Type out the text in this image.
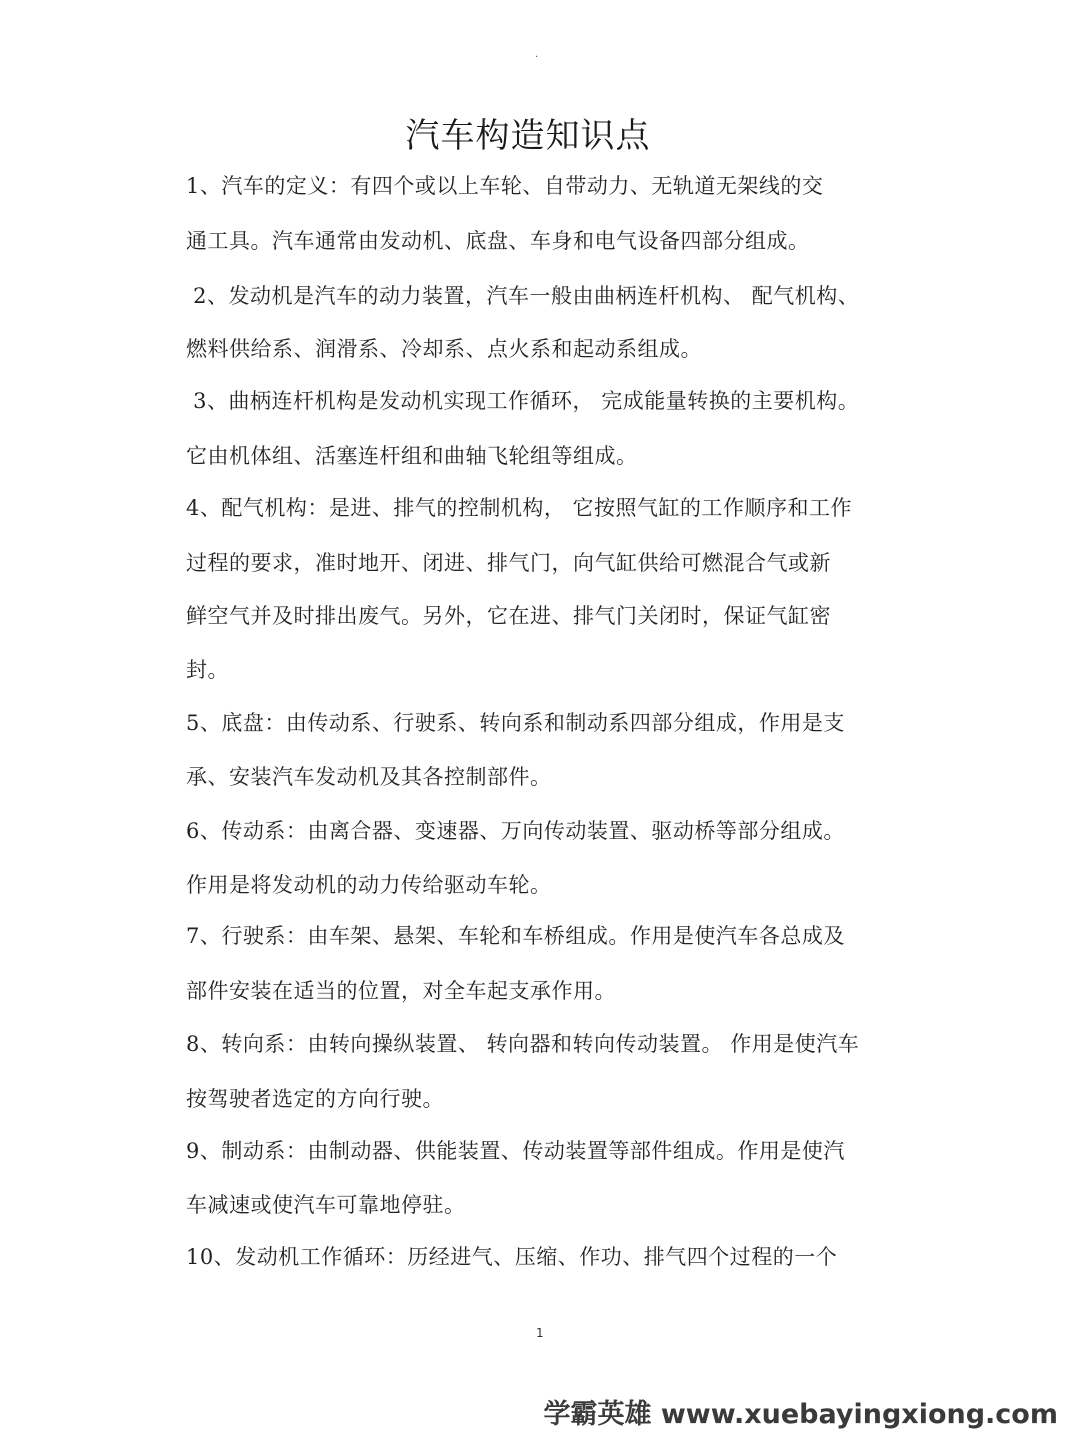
·
汽车构造知识点
1、汽车的定义：有四个或以上车轮、自带动力、无轨道无架线的交
通工具。汽车通常由发动机、底盘、车身和电气设备四部分组成。
2、发动机是汽车的动力装置，汽车一般由曲柄连杆机构、 配气机构、
燃料供给系、润滑系、冷却系、点火系和起动系组成。
3、曲柄连杆机构是发动机实现工作循环， 完成能量转换的主要机构。
它由机体组、活塞连杆组和曲轴飞轮组等组成。
4、配气机构：是进、排气的控制机构， 它按照气缸的工作顺序和工作
过程的要求，准时地开、闭进、排气门，向气缸供给可燃混合气或新
鲜空气并及时排出废气。另外，它在进、排气门关闭时，保证气缸密
封。
5、底盘：由传动系、行驶系、转向系和制动系四部分组成，作用是支
承、安装汽车发动机及其各控制部件。
6、传动系：由离合器、变速器、万向传动装置、驱动桥等部分组成。
作用是将发动机的动力传给驱动车轮。
7、行驶系：由车架、悬架、车轮和车桥组成。作用是使汽车各总成及
部件安装在适当的位置，对全车起支承作用。
8、转向系：由转向操纵装置、 转向器和转向传动装置。 作用是使汽车
按驾驶者选定的方向行驶。
9、制动系：由制动器、供能装置、传动装置等部件组成。作用是使汽
车减速或使汽车可靠地停驻。
10、发动机工作循环：历经进气、压缩、作功、排气四个过程的一个
1
学霸英雄 www.xuebayingxiong.com
